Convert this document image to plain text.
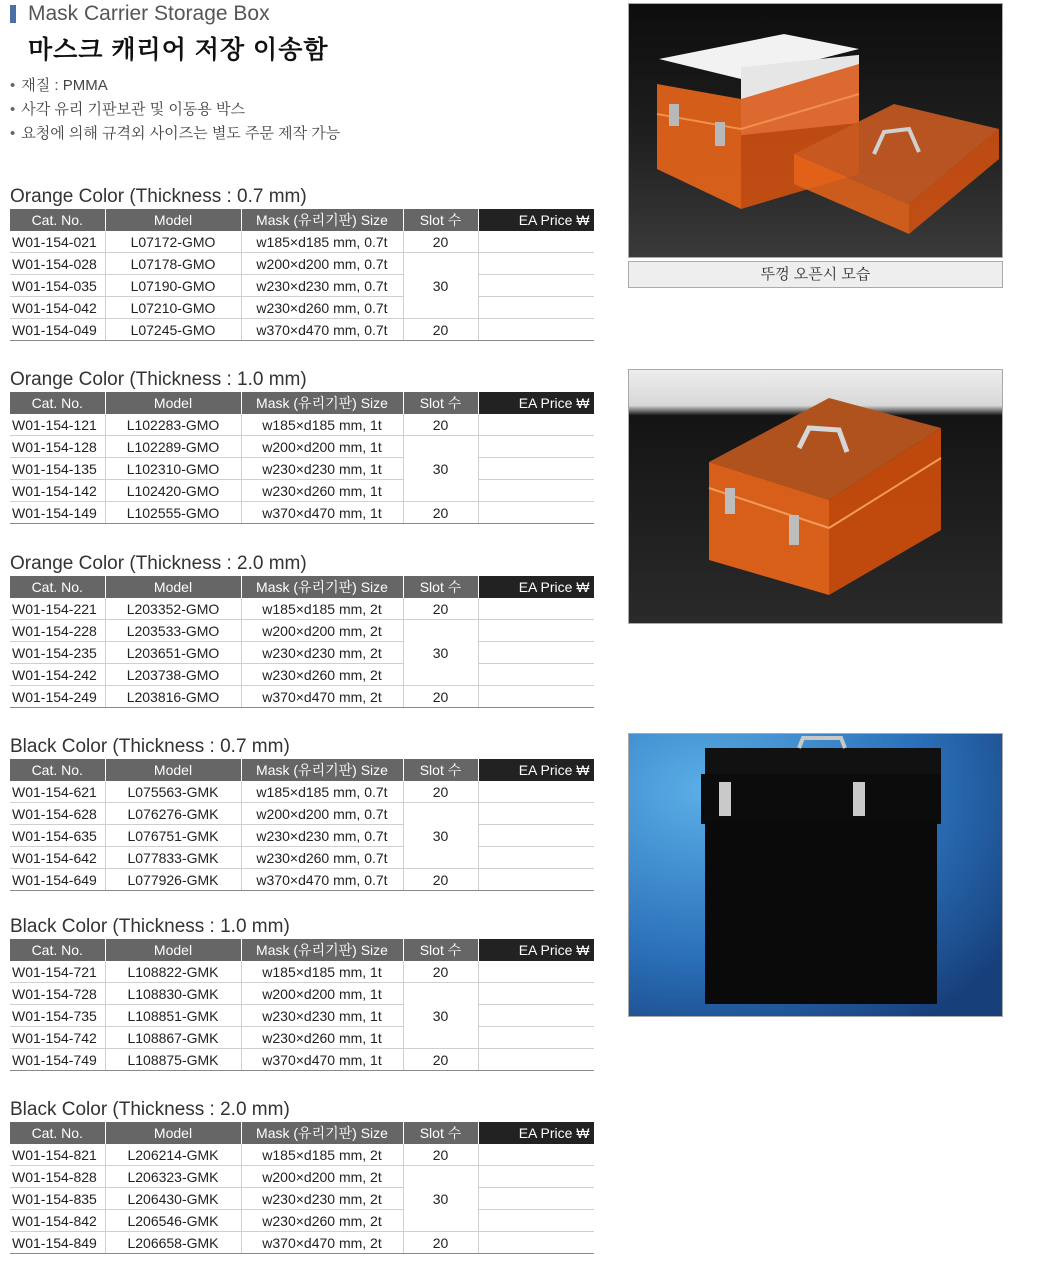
Mask Carrier Storage Box
마스크 캐리어 저장 이송함
• 재질 : PMMA
• 사각 유리 기판보관 및 이동용 박스
• 요청에 의해 규격외 사이즈는 별도 주문 제작 가능
Orange Color (Thickness : 0.7 mm)
Cat. No.	Model	Mask (유리기판) Size	Slot 수	EA Price ₩
W01-154-021	L07172-GMO	w185×d185 mm, 0.7t	20	
W01-154-028	L07178-GMO	w200×d200 mm, 0.7t	30	
W01-154-035	L07190-GMO	w230×d230 mm, 0.7t		
W01-154-042	L07210-GMO	w230×d260 mm, 0.7t		
W01-154-049	L07245-GMO	w370×d470 mm, 0.7t	20	
Orange Color (Thickness : 1.0 mm)
Cat. No.	Model	Mask (유리기판) Size	Slot 수	EA Price ₩
W01-154-121	L102283-GMO	w185×d185 mm, 1t	20	
W01-154-128	L102289-GMO	w200×d200 mm, 1t	30	
W01-154-135	L102310-GMO	w230×d230 mm, 1t		
W01-154-142	L102420-GMO	w230×d260 mm, 1t		
W01-154-149	L102555-GMO	w370×d470 mm, 1t	20	
Orange Color (Thickness : 2.0 mm)
Cat. No.	Model	Mask (유리기판) Size	Slot 수	EA Price ₩
W01-154-221	L203352-GMO	w185×d185 mm, 2t	20	
W01-154-228	L203533-GMO	w200×d200 mm, 2t	30	
W01-154-235	L203651-GMO	w230×d230 mm, 2t		
W01-154-242	L203738-GMO	w230×d260 mm, 2t		
W01-154-249	L203816-GMO	w370×d470 mm, 2t	20	
Black Color (Thickness : 0.7 mm)
Cat. No.	Model	Mask (유리기판) Size	Slot 수	EA Price ₩
W01-154-621	L075563-GMK	w185×d185 mm, 0.7t	20	
W01-154-628	L076276-GMK	w200×d200 mm, 0.7t	30	
W01-154-635	L076751-GMK	w230×d230 mm, 0.7t		
W01-154-642	L077833-GMK	w230×d260 mm, 0.7t		
W01-154-649	L077926-GMK	w370×d470 mm, 0.7t	20	
Black Color (Thickness : 1.0 mm)
Cat. No.	Model	Mask (유리기판) Size	Slot 수	EA Price ₩
W01-154-721	L108822-GMK	w185×d185 mm, 1t	20	
W01-154-728	L108830-GMK	w200×d200 mm, 1t	30	
W01-154-735	L108851-GMK	w230×d230 mm, 1t		
W01-154-742	L108867-GMK	w230×d260 mm, 1t		
W01-154-749	L108875-GMK	w370×d470 mm, 1t	20	
Black Color (Thickness : 2.0 mm)
Cat. No.	Model	Mask (유리기판) Size	Slot 수	EA Price ₩
W01-154-821	L206214-GMK	w185×d185 mm, 2t	20	
W01-154-828	L206323-GMK	w200×d200 mm, 2t	30	
W01-154-835	L206430-GMK	w230×d230 mm, 2t		
W01-154-842	L206546-GMK	w230×d260 mm, 2t		
W01-154-849	L206658-GMK	w370×d470 mm, 2t	20	
뚜껑 오픈시 모습
